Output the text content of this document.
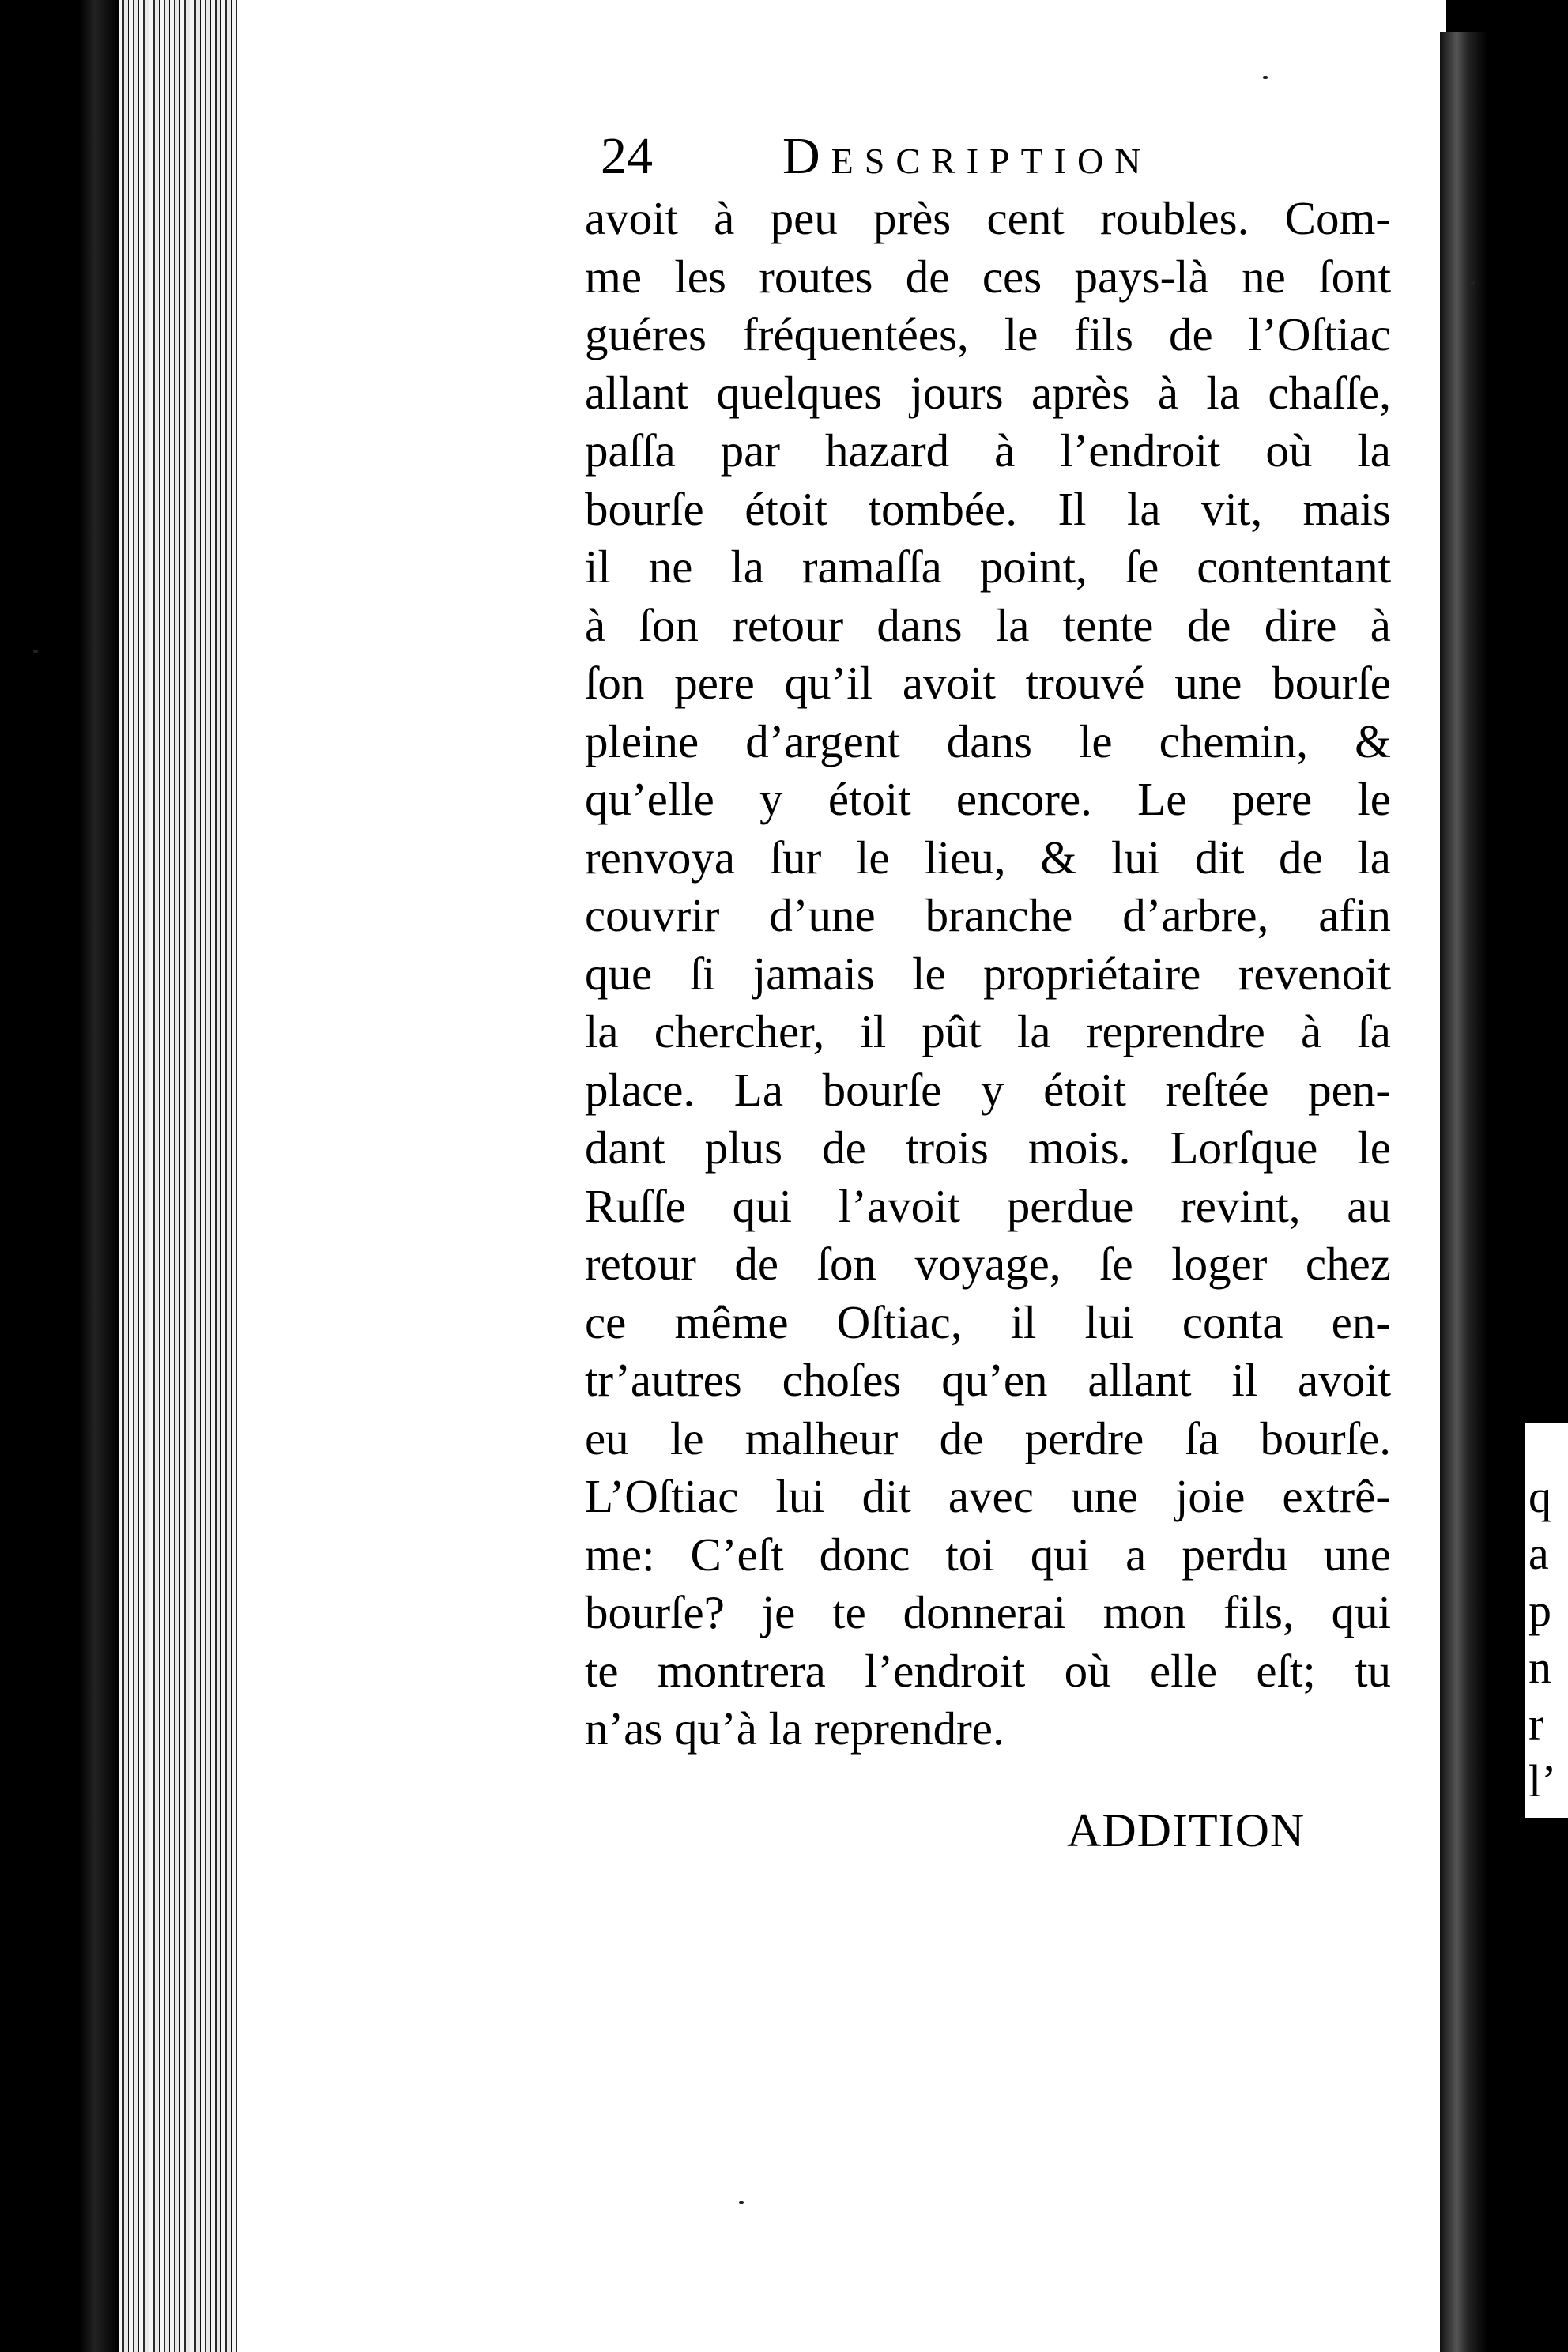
q
a
p
n
r
l’
24 Description
avoit à peu près cent roubles. Com-
me les routes de ces pays-là ne ſont
guéres fréquentées, le fils de l’Oſtiac
allant quelques jours après à la chaſſe,
paſſa par hazard à l’endroit où la
bourſe étoit tombée. Il la vit, mais
il ne la ramaſſa point, ſe contentant
à ſon retour dans la tente de dire à
ſon pere qu’il avoit trouvé une bourſe
pleine d’argent dans le chemin, &
qu’elle y étoit encore. Le pere le
renvoya ſur le lieu, & lui dit de la
couvrir d’une branche d’arbre, afin
que ſi jamais le propriétaire revenoit
la chercher, il pût la reprendre à ſa
place. La bourſe y étoit reſtée pen-
dant plus de trois mois. Lorſque le
Ruſſe qui l’avoit perdue revint, au
retour de ſon voyage, ſe loger chez
ce même Oſtiac, il lui conta en-
tr’autres choſes qu’en allant il avoit
eu le malheur de perdre ſa bourſe.
L’Oſtiac lui dit avec une joie extrê-
me: C’eſt donc toi qui a perdu une
bourſe? je te donnerai mon fils, qui
te montrera l’endroit où elle eſt; tu
n’as qu’à la reprendre.
ADDITION
